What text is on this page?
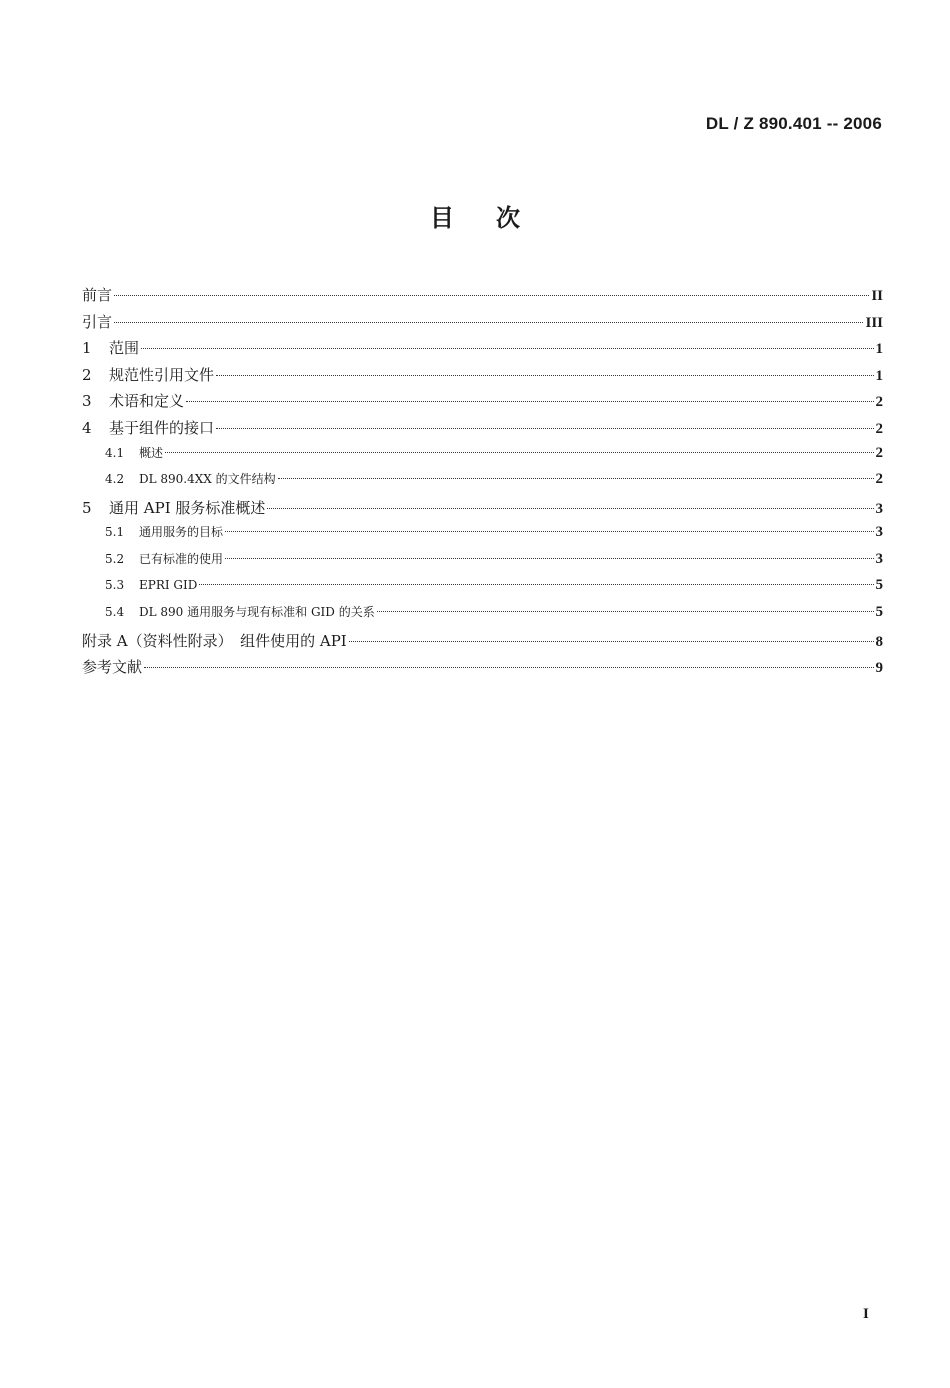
DL / Z 890.401 -- 2006
目次
前言	II
引言	III
1	范围	1
2	规范性引用文件	1
3	术语和定义	2
4	基于组件的接口	2
4.1	概述	2
4.2	DL 890.4XX 的文件结构	2
5	通用 API 服务标准概述	3
5.1	通用服务的目标	3
5.2	已有标准的使用	3
5.3	EPRI GID	5
5.4	DL 890 通用服务与现有标准和 GID 的关系	5
附录 A（资料性附录）　组件使用的 API	8
参考文献	9
I
